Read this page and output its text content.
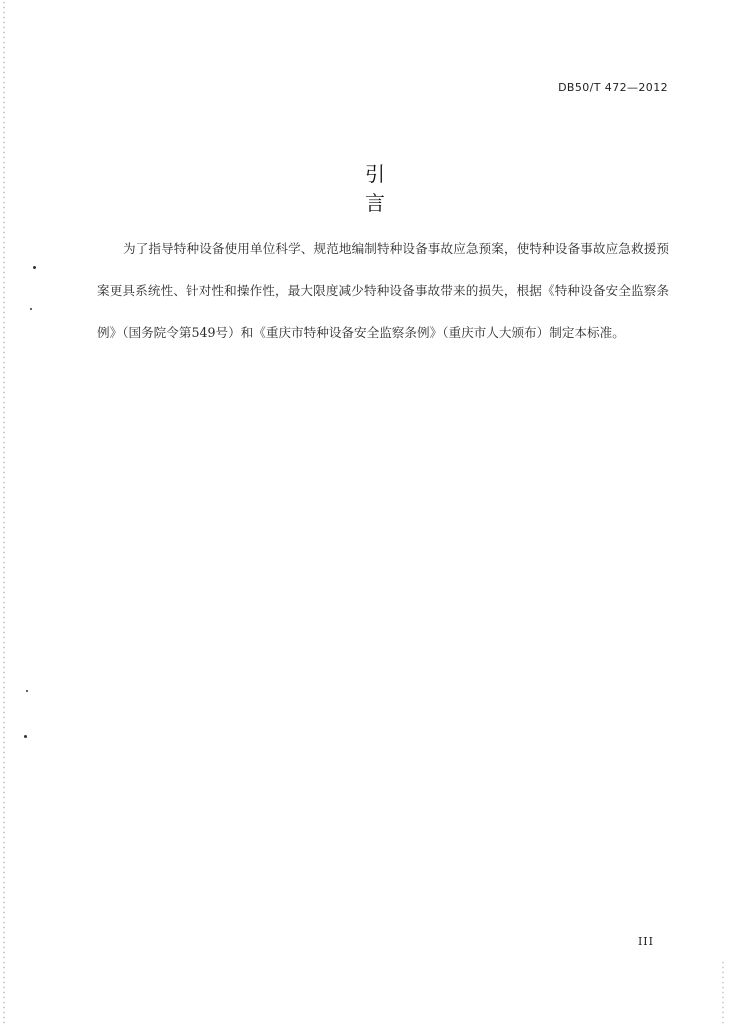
DB50/T 472—2012
引言

为了指导特种设备使用单位科学、规范地编制特种设备事故应急预案，使特种设备事故应急救援预案更具系统性、针对性和操作性，最大限度减少特种设备事故带来的损失，根据《特种设备安全监察条例》（国务院令第549号）和《重庆市特种设备安全监察条例》（重庆市人大颁布）制定本标准。

III
